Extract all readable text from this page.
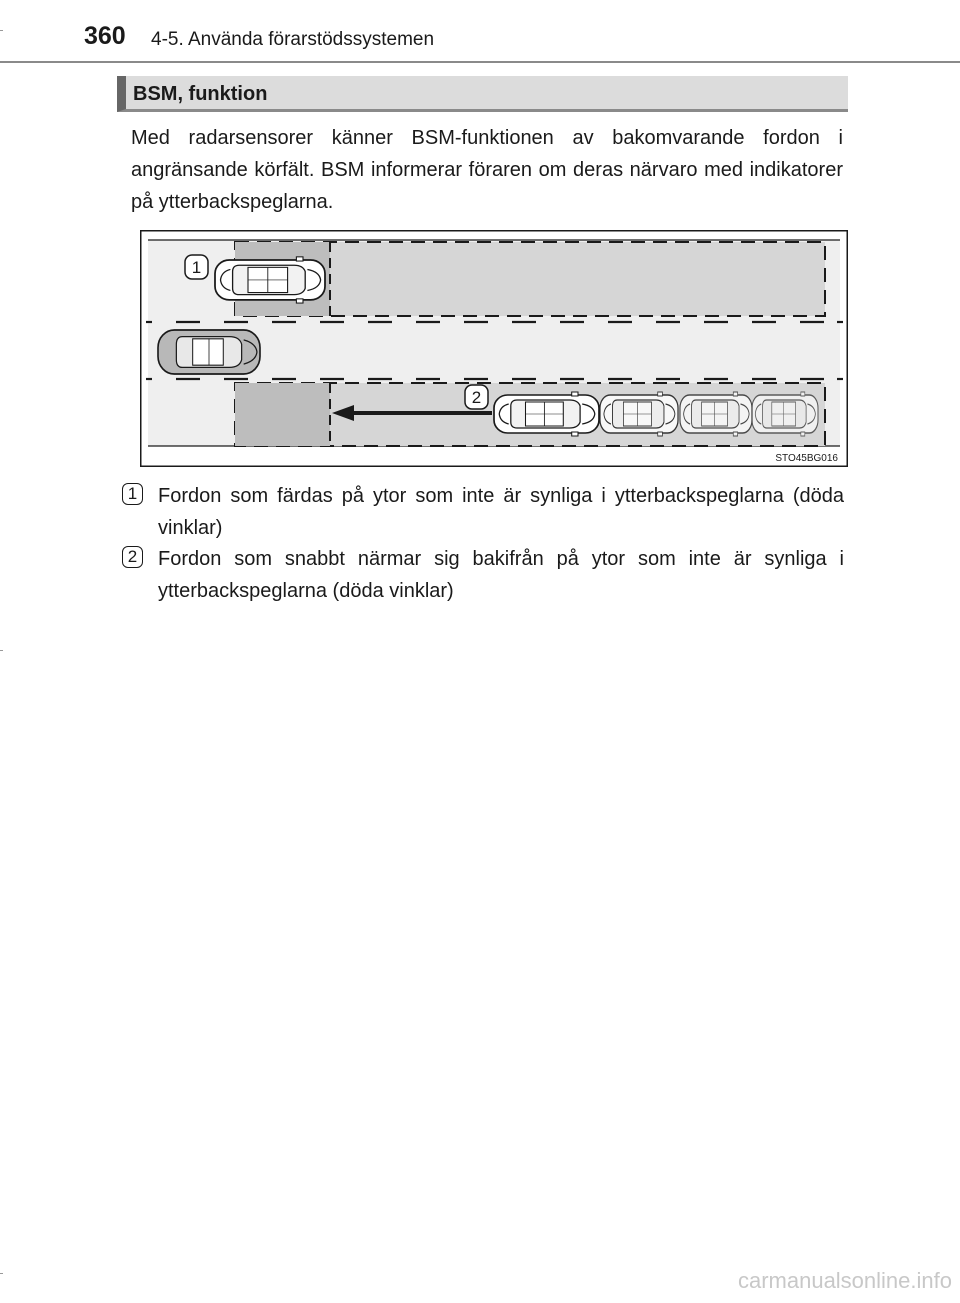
360 4-5. Använda förarstödssystemen
BSM, funktion

Med radarsensorer känner BSM-funktionen av bakomvarande fordon i angränsande körfält. BSM informerar föraren om deras närvaro med indikatorer på ytterbackspeglarna.

1
2
STO45BG016
1 Fordon som färdas på ytor som inte är synliga i ytterbackspeglarna (döda vinklar)

2 Fordon som snabbt närmar sig bakifrån på ytor som inte är synliga i ytterbackspeglarna (döda vinklar)

carmanualsonline.info
